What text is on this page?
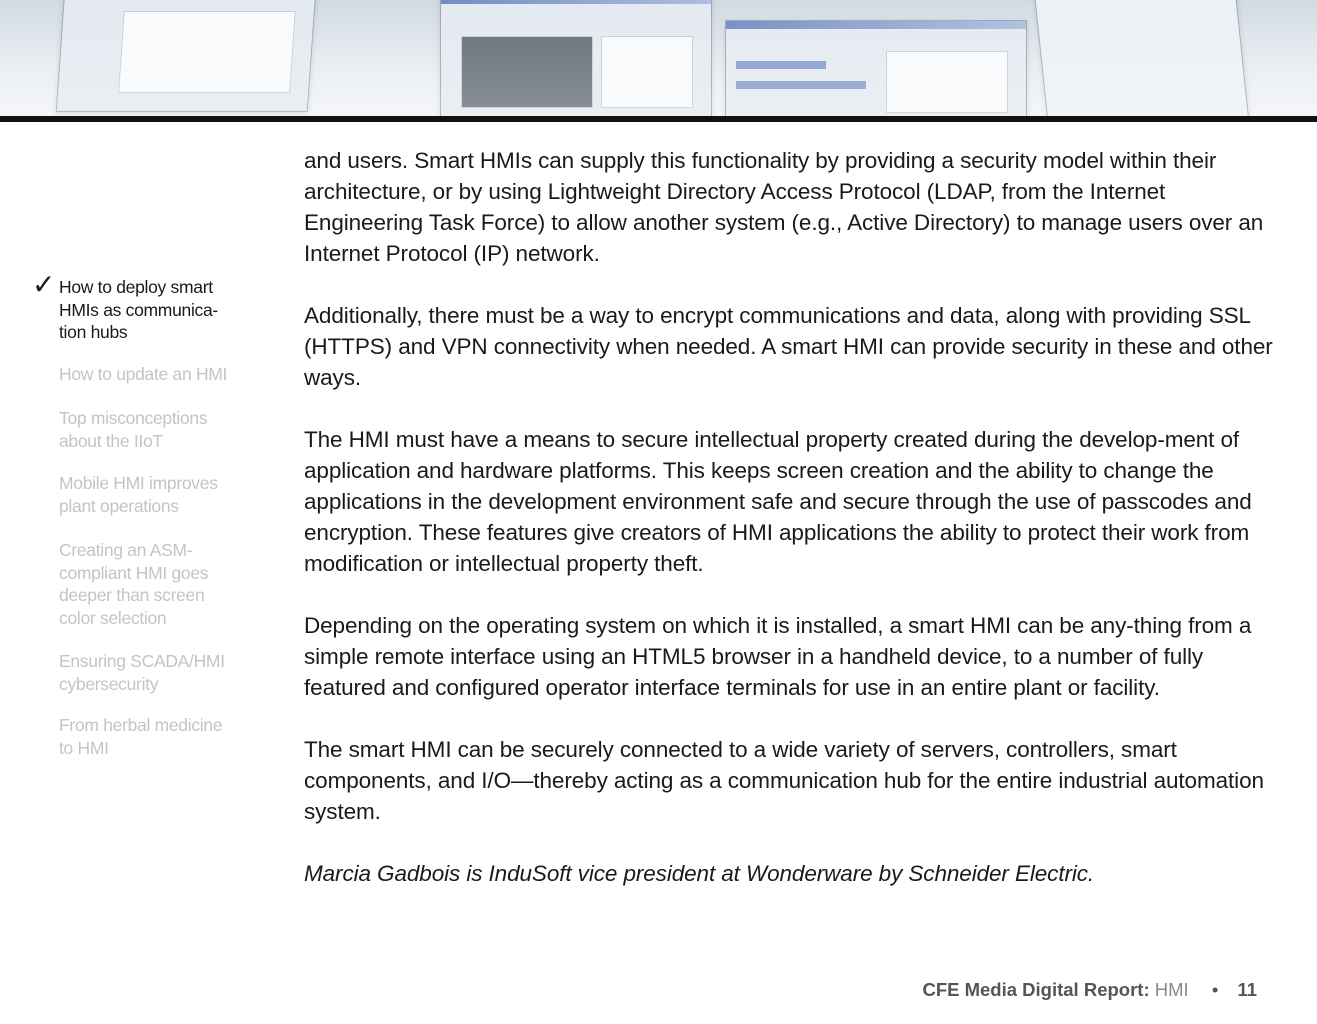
✓ How to deploy smart
HMIs as communica-
tion hubs
How to update an HMI
Top misconceptions
about the IIoT
Mobile HMI improves
plant operations
Creating an ASM-
compliant HMI goes
deeper than screen
color selection
Ensuring SCADA/HMI
cybersecurity
From herbal medicine
to HMI

and users. Smart HMIs can supply this functionality by providing a security model within their architecture, or by using Lightweight Directory Access Protocol (LDAP, from the Internet Engineering Task Force) to allow another system (e.g., Active Directory) to manage users over an Internet Protocol (IP) network.

Additionally, there must be a way to encrypt communications and data, along with providing SSL (HTTPS) and VPN connectivity when needed. A smart HMI can provide security in these and other ways.

The HMI must have a means to secure intellectual property created during the develop-ment of application and hardware platforms. This keeps screen creation and the ability to change the applications in the development environment safe and secure through the use of passcodes and encryption. These features give creators of HMI applications the ability to protect their work from modification or intellectual property theft.

Depending on the operating system on which it is installed, a smart HMI can be any-thing from a simple remote interface using an HTML5 browser in a handheld device, to a number of fully featured and configured operator interface terminals for use in an entire plant or facility.

The smart HMI can be securely connected to a wide variety of servers, controllers, smart components, and I/O—thereby acting as a communication hub for the entire industrial automation system.

Marcia Gadbois is InduSoft vice president at Wonderware by Schneider Electric.

CFE Media Digital Report: HMI • 11
